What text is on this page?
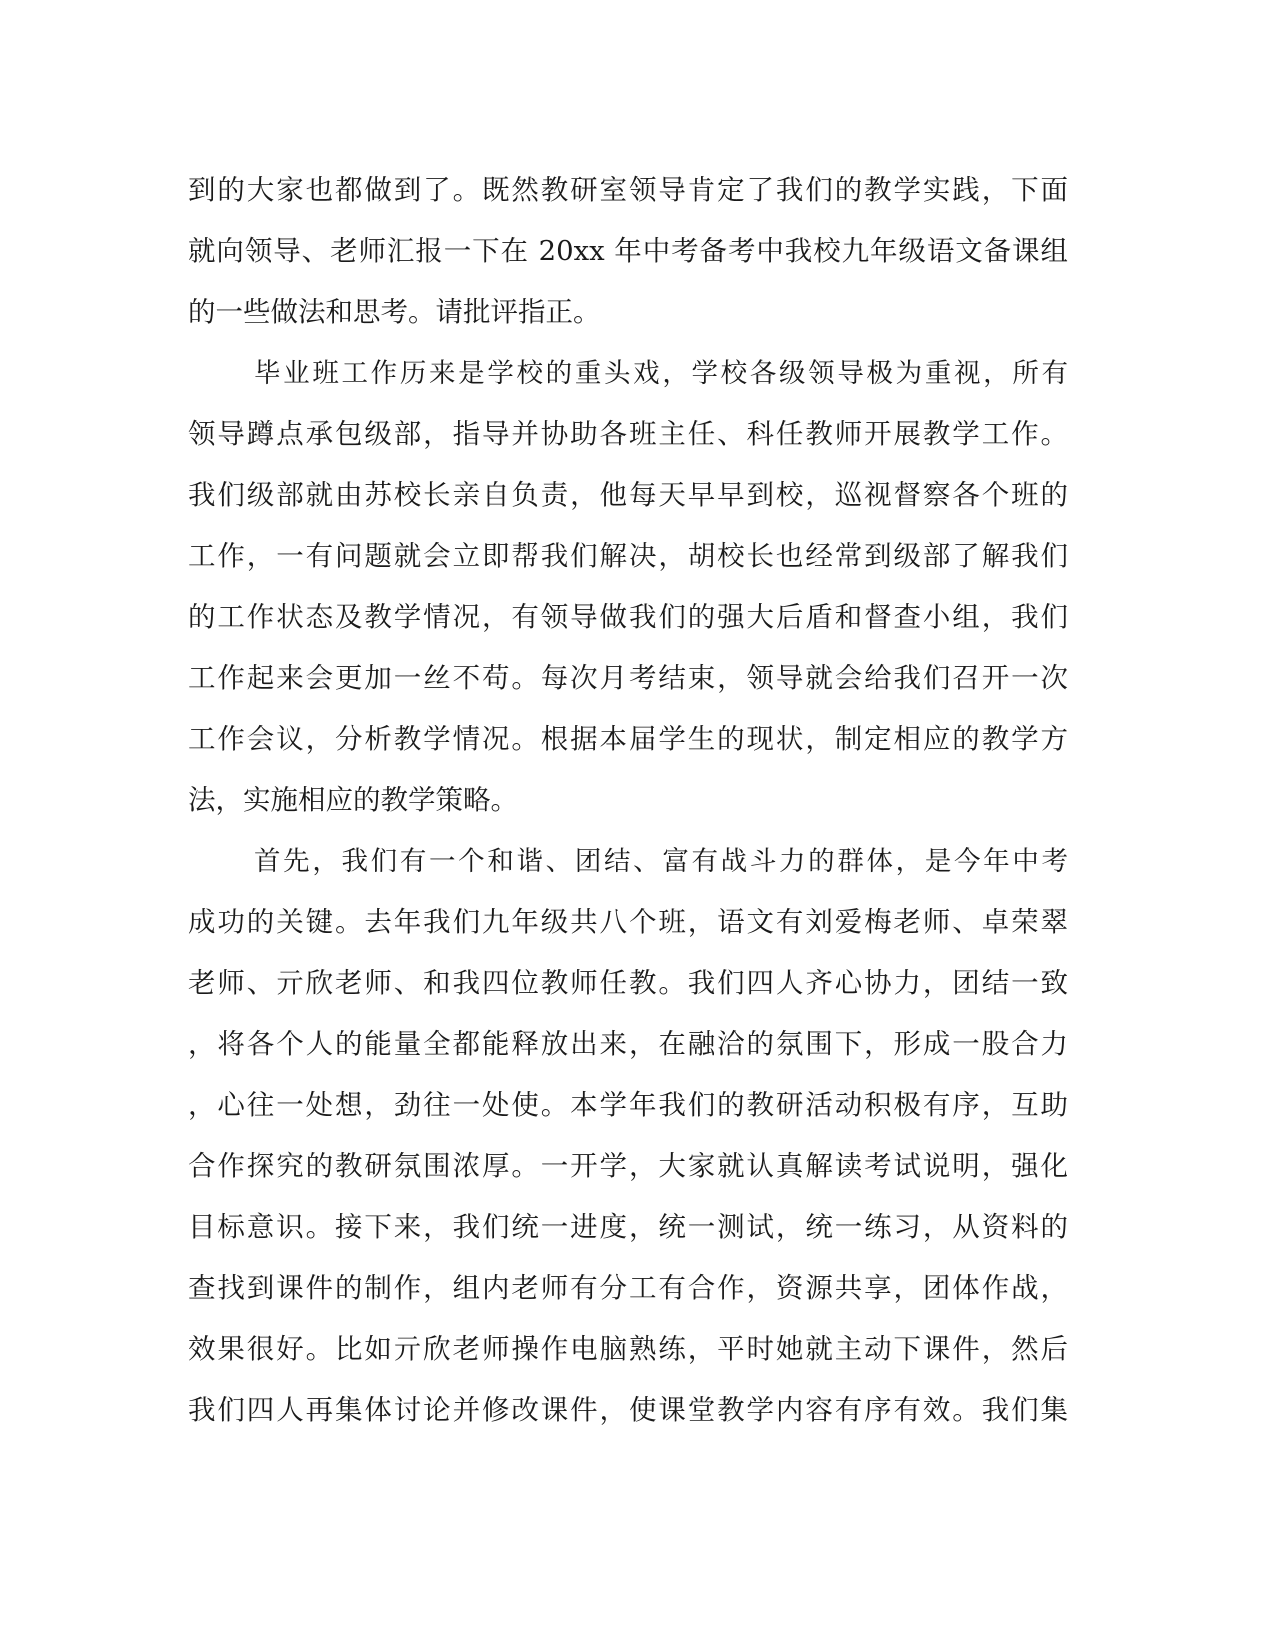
到的大家也都做到了。既然教研室领导肯定了我们的教学实践，下面
就向领导、老师汇报一下在 20xx 年中考备考中我校九年级语文备课组
的一些做法和思考。请批评指正。
毕业班工作历来是学校的重头戏，学校各级领导极为重视，所有
领导蹲点承包级部，指导并协助各班主任、科任教师开展教学工作。
我们级部就由苏校长亲自负责，他每天早早到校，巡视督察各个班的
工作，一有问题就会立即帮我们解决，胡校长也经常到级部了解我们
的工作状态及教学情况，有领导做我们的强大后盾和督查小组，我们
工作起来会更加一丝不苟。每次月考结束，领导就会给我们召开一次
工作会议，分析教学情况。根据本届学生的现状，制定相应的教学方
法，实施相应的教学策略。
首先，我们有一个和谐、团结、富有战斗力的群体，是今年中考
成功的关键。去年我们九年级共八个班，语文有刘爱梅老师、卓荣翠
老师、亓欣老师、和我四位教师任教。我们四人齐心协力，团结一致
，将各个人的能量全都能释放出来，在融洽的氛围下，形成一股合力
，心往一处想，劲往一处使。本学年我们的教研活动积极有序，互助
合作探究的教研氛围浓厚。一开学，大家就认真解读考试说明，强化
目标意识。接下来，我们统一进度，统一测试，统一练习，从资料的
查找到课件的制作，组内老师有分工有合作，资源共享，团体作战，
效果很好。比如亓欣老师操作电脑熟练，平时她就主动下课件，然后
我们四人再集体讨论并修改课件，使课堂教学内容有序有效。我们集
